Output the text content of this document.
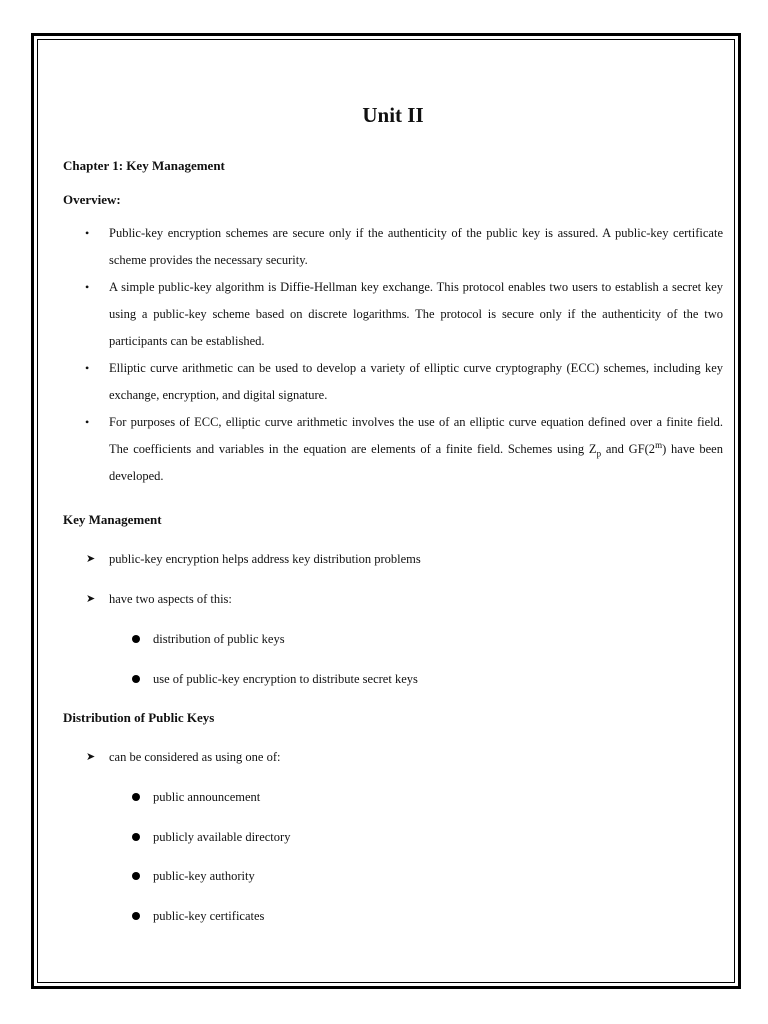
Unit II
Chapter 1: Key Management
Overview:
• Public-key encryption schemes are secure only if the authenticity of the public key is assured. A public-key certificate scheme provides the necessary security.
• A simple public-key algorithm is Diffie-Hellman key exchange. This protocol enables two users to establish a secret key using a public-key scheme based on discrete logarithms. The protocol is secure only if the authenticity of the two participants can be established.
• Elliptic curve arithmetic can be used to develop a variety of elliptic curve cryptography (ECC) schemes, including key exchange, encryption, and digital signature.
• For purposes of ECC, elliptic curve arithmetic involves the use of an elliptic curve equation defined over a finite field. The coefficients and variables in the equation are elements of a finite field. Schemes using $Z_p$ and GF(2$^m$) have been developed.
Key Management
➤ public-key encryption helps address key distribution problems
➤ have two aspects of this:
distribution of public keys
use of public-key encryption to distribute secret keys
Distribution of Public Keys
➤ can be considered as using one of:
public announcement
publicly available directory
public-key authority
public-key certificates
